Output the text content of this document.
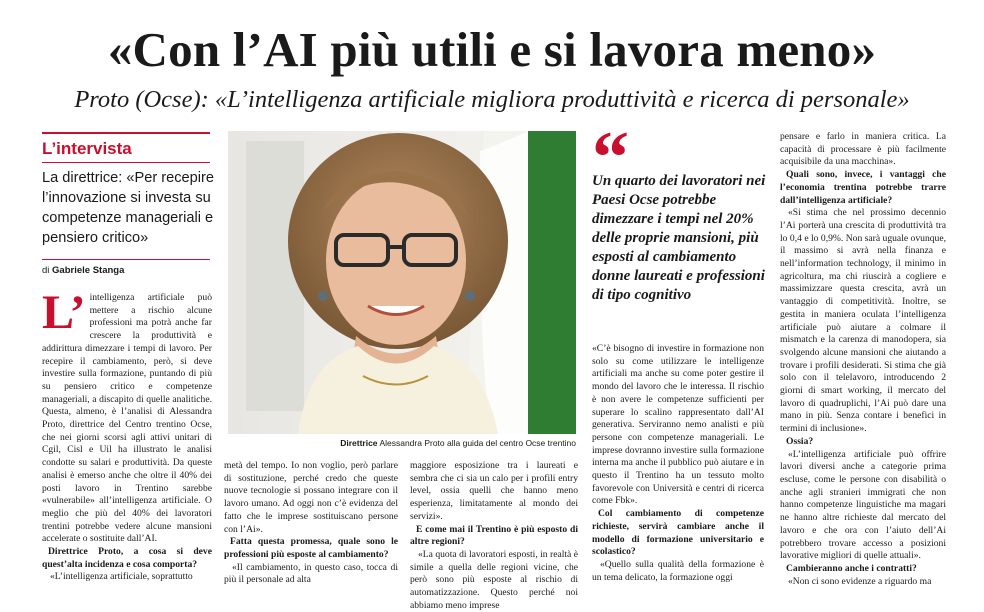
«Con l’AI più utili e si lavora meno»
Proto (Ocse): «L’intelligenza artificiale migliora produttività e ricerca di personale»
L’intervista
La direttrice: «Per recepire l’innovazione si investa su competenze manageriali e pensiero critico»
di Gabriele Stanga

L’ intelligenza artificiale può mettere a rischio alcune professioni ma potrà anche far crescere la produttività e addirittura dimezzare i tempi di lavoro. Per recepire il cambiamento, però, si deve investire sulla formazione, puntando di più su pensiero critico e competenze manageriali, a discapito di quelle analitiche. Questa, almeno, è l’analisi di Alessandra Proto, direttrice del Centro trentino Ocse, che nei giorni scorsi agli attivi unitari di Cgil, Cisl e Uil ha illustrato le analisi condotte su salari e produttività. Da queste analisi è emerso anche che oltre il 40% dei posti lavoro in Trentino sarebbe «vulnerabile» all’intelligenza artificiale. O meglio che più del 40% dei lavoratori trentini potrebbe vedere alcune mansioni accelerate o sostituite dall’AI.

Direttrice Proto, a cosa si deve quest’alta incidenza e cosa comporta?

«L’intelligenza artificiale, soprattutto

Direttrice Alessandra Proto alla guida del centro Ocse trentino

metà del tempo. Io non voglio, però parlare di sostituzione, perché credo che queste nuove tecnologie si possano integrare con il lavoro umano. Ad oggi non c’è evidenza del fatto che le imprese sostituiscano persone con l’Ai».

Fatta questa promessa, quale sono le professioni più esposte al cambiamento?

«Il cambiamento, in questo caso, tocca di più il personale ad alta

maggiore esposizione tra i laureati e sembra che ci sia un calo per i profili entry level, ossia quelli che hanno meno esperienza, limitatamente al mondo dei servizi».

E come mai il Trentino è più esposto di altre regioni?

«La quota di lavoratori esposti, in realtà è simile a quella delle regioni vicine, che però sono più esposte al rischio di automatizzazione. Questo perché noi abbiamo meno imprese

“
Un quarto dei lavoratori nei Paesi Ocse potrebbe dimezzare i tempi nel 20% delle proprie mansioni, più esposti al cambiamento donne laureati e professioni di tipo cognitivo

«C’è bisogno di investire in formazione non solo su come utilizzare le intelligenze artificiali ma anche su come poter gestire il mondo del lavoro che le interessa. Il rischio è non avere le competenze sufficienti per superare lo scalino rappresentato dall’AI generativa. Serviranno nemo analisti e più persone con competenze manageriali. Le imprese dovranno investire sulla formazione interna ma anche il pubblico può aiutare e in questo il Trentino ha un tessuto molto favorevole con Università e centri di ricerca come Fbk».

Col cambiamento di competenze richieste, servirà cambiare anche il modello di formazione universitario e scolastico?

«Quello sulla qualità della formazione è un tema delicato, la formazione oggi

pensare e farlo in maniera critica. La capacità di processare è più facilmente acquisibile da una macchina».

Quali sono, invece, i vantaggi che l’economia trentina potrebbe trarre dall’intelligenza artificiale?

«Si stima che nel prossimo decennio l’Ai porterà una crescita di produttività tra lo 0,4 e lo 0,9%. Non sarà uguale ovunque, il massimo si avrà nella finanza e nell’information technology, il minimo in agricoltura, ma chi riuscirà a cogliere e massimizzare questa crescita, avrà un vantaggio di competitività. Inoltre, se gestita in maniera oculata l’intelligenza artificiale può aiutare a colmare il mismatch e la carenza di manodopera, sia svolgendo alcune mansioni che aiutando a trovare i profili desiderati. Si stima che già solo con il telelavoro, introducendo 2 giorni di smart working, il mercato del lavoro di quadruplichi, l’Ai può dare una mano in più. Senza contare i benefici in termini di inclusione».

Ossia?

«L’intelligenza artificiale può offrire lavori diversi anche a categorie prima escluse, come le persone con disabilità o anche agli stranieri immigrati che non hanno competenze linguistiche ma magari ne hanno altre richieste dal mercato del lavoro e che ora con l’aiuto dell’Ai potrebbero trovare accesso a posizioni lavorative migliori di quelle attuali».

Cambieranno anche i contratti?

«Non ci sono evidenze a riguardo ma
